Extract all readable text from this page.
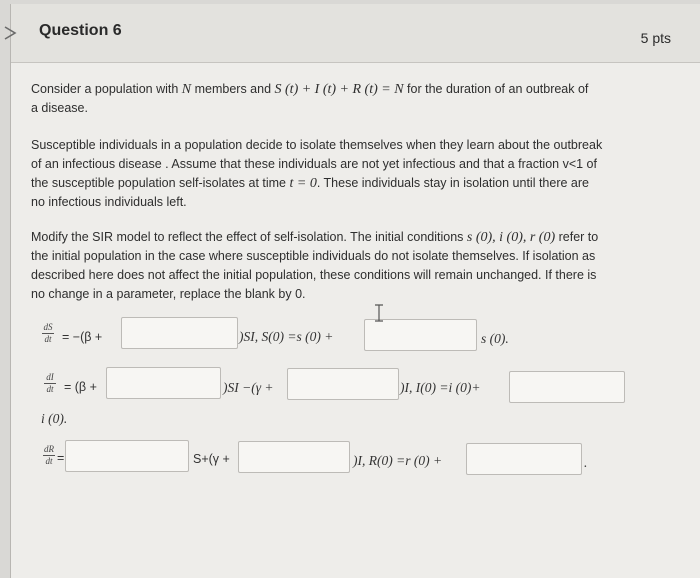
Question 6	5 pts
Consider a population with N members and S (t) + I (t) + R (t) = N for the duration of an outbreak of
a disease.
Susceptible individuals in a population decide to isolate themselves when they learn about the outbreak
of an infectious disease . Assume that these individuals are not yet infectious and that a fraction v<1 of
the susceptible population self-isolates at time t = 0. These individuals stay in isolation until there are
no infectious individuals left.
Modify the SIR model to reflect the effect of self-isolation. The initial conditions s (0), i (0), r (0) refer to
the initial population in the case where susceptible individuals do not isolate themselves. If isolation as
described here does not affect the initial population, these conditions will remain unchanged. If there is
no change in a parameter, replace the blank by 0.
$\frac{dS}{dt} = -(\beta$ +	)SI, S(0) =s (0) +	s (0).
$\frac{dI}{dt} = (\beta$ +	)SI −(γ +	)I, I(0) =i (0)+
i (0).
$\frac{dR}{dt}$ =	S+(γ +	)I, R(0) =r (0) +	.
